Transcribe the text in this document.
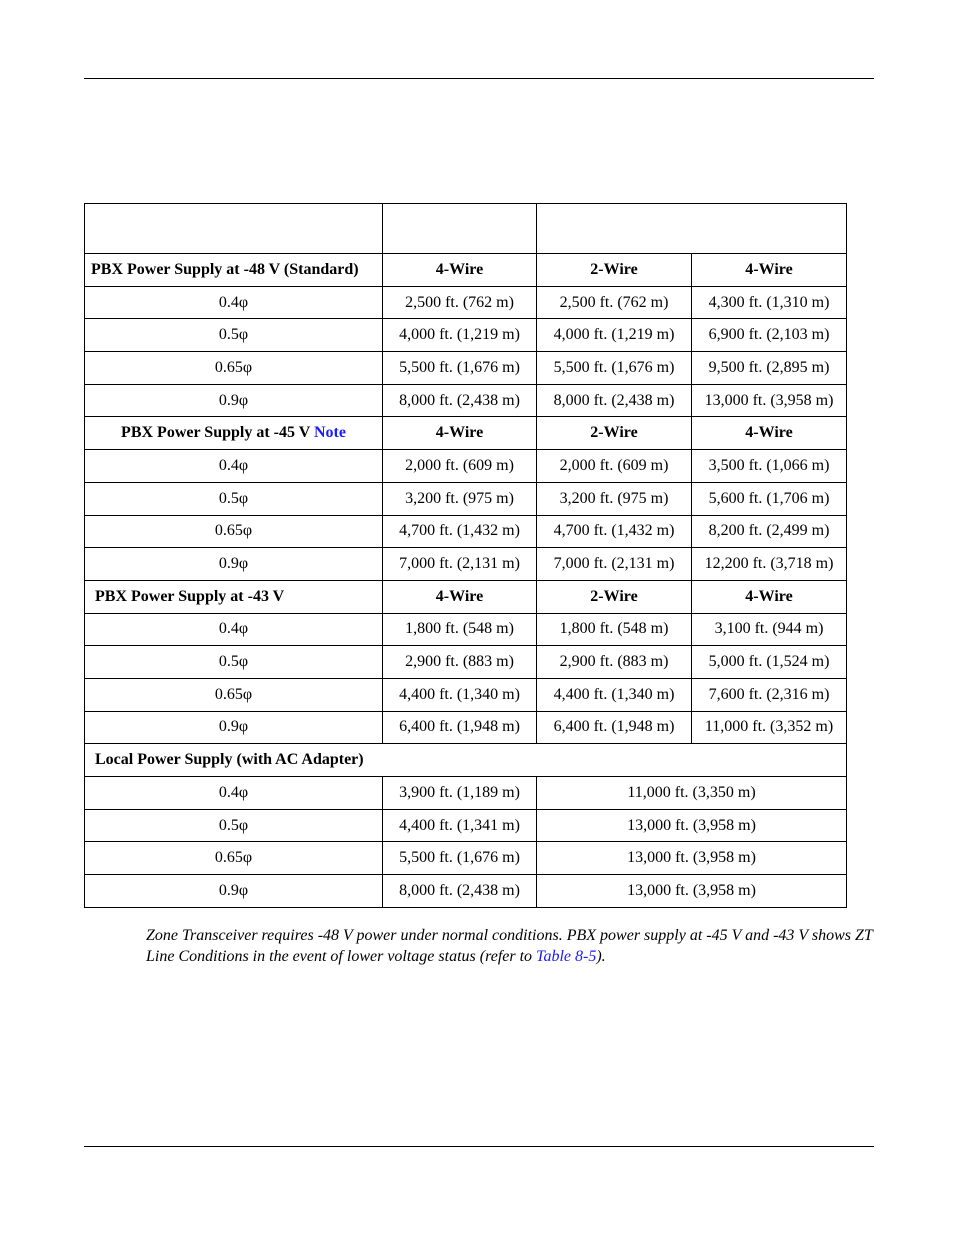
PBX Power Supply at -48 V (Standard)	4-Wire	2-Wire	4-Wire
0.4φ	2,500 ft. (762 m)	2,500 ft. (762 m)	4,300 ft. (1,310 m)
0.5φ	4,000 ft. (1,219 m)	4,000 ft. (1,219 m)	6,900 ft. (2,103 m)
0.65φ	5,500 ft. (1,676 m)	5,500 ft. (1,676 m)	9,500 ft. (2,895 m)
0.9φ	8,000 ft. (2,438 m)	8,000 ft. (2,438 m)	13,000 ft. (3,958 m)
PBX Power Supply at -45 V Note	4-Wire	2-Wire	4-Wire
0.4φ	2,000 ft. (609 m)	2,000 ft. (609 m)	3,500 ft. (1,066 m)
0.5φ	3,200 ft. (975 m)	3,200 ft. (975 m)	5,600 ft. (1,706 m)
0.65φ	4,700 ft. (1,432 m)	4,700 ft. (1,432 m)	8,200 ft. (2,499 m)
0.9φ	7,000 ft. (2,131 m)	7,000 ft. (2,131 m)	12,200 ft. (3,718 m)
PBX Power Supply at -43 V	4-Wire	2-Wire	4-Wire
0.4φ	1,800 ft. (548 m)	1,800 ft. (548 m)	3,100 ft. (944 m)
0.5φ	2,900 ft. (883 m)	2,900 ft. (883 m)	5,000 ft. (1,524 m)
0.65φ	4,400 ft. (1,340 m)	4,400 ft. (1,340 m)	7,600 ft. (2,316 m)
0.9φ	6,400 ft. (1,948 m)	6,400 ft. (1,948 m)	11,000 ft. (3,352 m)
Local Power Supply (with AC Adapter)			
0.4φ	3,900 ft. (1,189 m)	11,000 ft. (3,350 m)	
0.5φ	4,400 ft. (1,341 m)	13,000 ft. (3,958 m)	
0.65φ	5,500 ft. (1,676 m)	13,000 ft. (3,958 m)	
0.9φ	8,000 ft. (2,438 m)	13,000 ft. (3,958 m)	
Zone Transceiver requires -48 V power under normal conditions. PBX power supply at -45 V and -43 V shows ZT Line Conditions in the event of lower voltage status (refer to Table 8-5).
